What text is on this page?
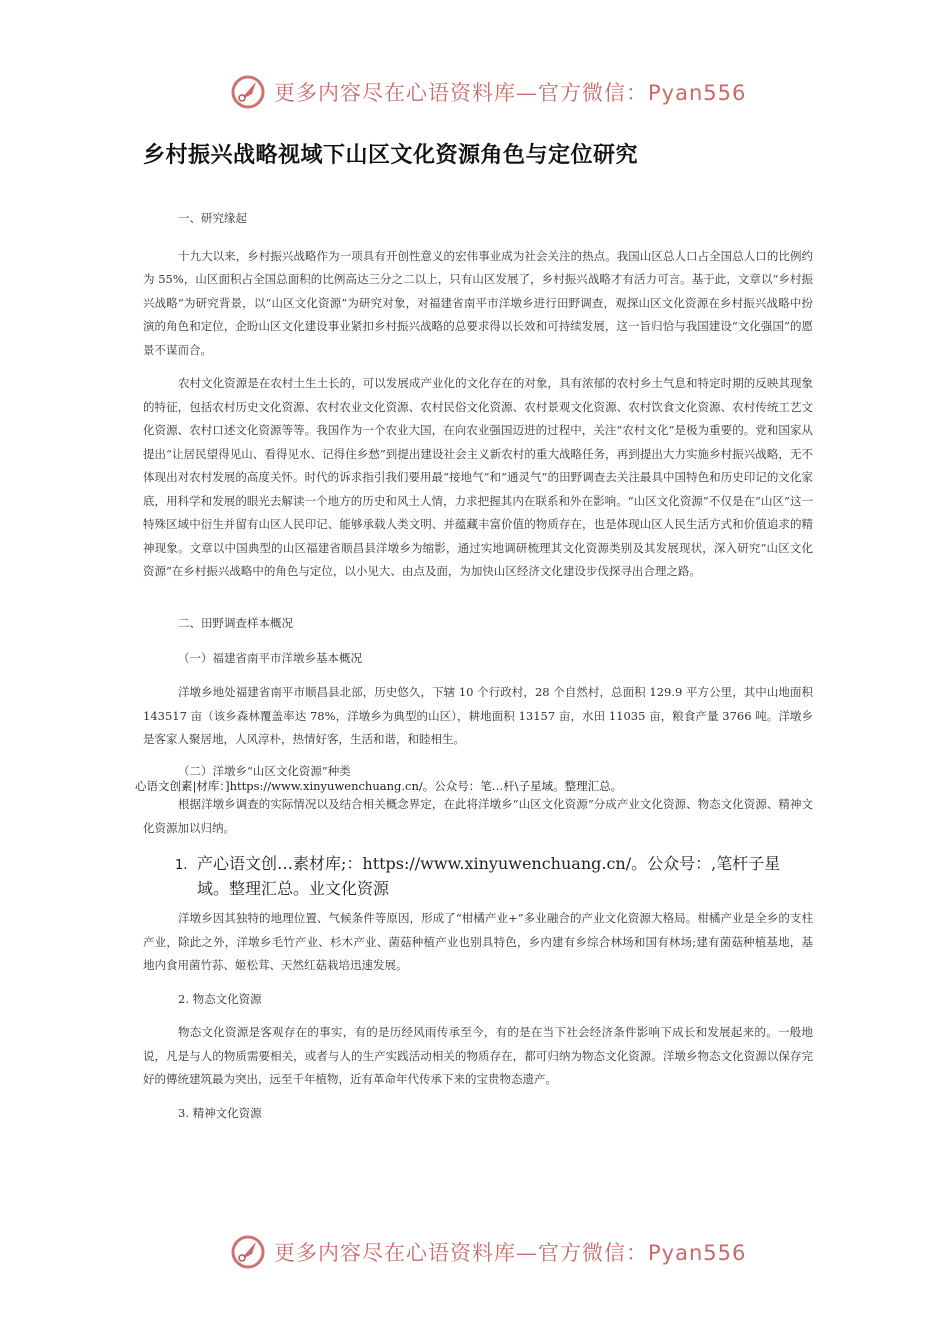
更多内容尽在心语资料库—官方微信：Pyan556
乡村振兴战略视域下山区文化资源角色与定位研究
一、研究缘起
十九大以来，乡村振兴战略作为一项具有开创性意义的宏伟事业成为社会关注的热点。我国山区总人口占全国总人口的比例约为 55%，山区面积占全国总面积的比例高达三分之二以上，只有山区发展了，乡村振兴战略才有活力可言。基于此，文章以“乡村振兴战略”为研究背景，以“山区文化资源”为研究对象，对福建省南平市洋墩乡进行田野调查，观探山区文化资源在乡村振兴战略中扮演的角色和定位，企盼山区文化建设事业紧扣乡村振兴战略的总要求得以长效和可持续发展，这一旨归恰与我国建设“文化强国”的愿景不谋而合。
农村文化资源是在农村土生土长的，可以发展成产业化的文化存在的对象，具有浓郁的农村乡土气息和特定时期的反映其现象的特征，包括农村历史文化资源、农村农业文化资源、农村民俗文化资源、农村景观文化资源、农村饮食文化资源、农村传统工艺文化资源、农村口述文化资源等等。我国作为一个农业大国，在向农业强国迈进的过程中，关注“农村文化”是极为重要的。党和国家从提出“让居民望得见山、看得见水、记得住乡愁”到提出建设社会主义新农村的重大战略任务，再到提出大力实施乡村振兴战略，无不体现出对农村发展的高度关怀。时代的诉求指引我们要用最“接地气”和“通灵气”的田野调查去关注最具中国特色和历史印记的文化家底，用科学和发展的眼光去解读一个地方的历史和风土人情，力求把握其内在联系和外在影响。“山区文化资源”不仅是在“山区”这一特殊区域中衍生并留有山区人民印记、能够承载人类文明、并蕴藏丰富价值的物质存在，也是体现山区人民生活方式和价值追求的精神现象。文章以中国典型的山区福建省顺昌县洋墩乡为缩影，通过实地调研梳理其文化资源类别及其发展现状，深入研究“山区文化资源”在乡村振兴战略中的角色与定位，以小见大、由点及面，为加快山区经济文化建设步伐探寻出合理之路。
二、田野调查样本概况
（一）福建省南平市洋墩乡基本概况
洋墩乡地处福建省南平市顺昌县北部，历史悠久，下辖 10 个行政村，28 个自然村，总面积 129.9 平方公里，其中山地面积 143517 亩（该乡森林覆盖率达 78%，洋墩乡为典型的山区），耕地面积 13157 亩，水田 11035 亩，粮食产量 3766 吨。洋墩乡是客家人聚居地，人风淳朴，热情好客，生活和谐，和睦相生。
（二）洋墩乡“山区文化资源”种类
心语文创素|材库：]https://www.xinyuwenchuang.cn/。公众号：笔…杆\子星域。整理汇总。
根据洋墩乡调查的实际情况以及结合相关概念界定，在此将洋墩乡“山区文化资源”分成产业文化资源、物态文化资源、精神文化资源加以归纳。
1. 产心语文创…素材库;：https://www.xinyuwenchuang.cn/。公众号：,笔杆子星
域。整理汇总。业文化资源
洋墩乡因其独特的地理位置、气候条件等原因，形成了“柑橘产业+”多业融合的产业文化资源大格局。柑橘产业是全乡的支柱产业，除此之外，洋墩乡毛竹产业、杉木产业、菌菇种植产业也别具特色，乡内建有乡综合林场和国有林场;建有菌菇种植基地，基地内食用菌竹荪、姬松茸、天然红菇栽培迅速发展。
2. 物态文化资源
物态文化资源是客观存在的事实，有的是历经风雨传承至今，有的是在当下社会经济条件影响下成长和发展起来的。一般地说，凡是与人的物质需要相关，或者与人的生产实践活动相关的物质存在，都可归纳为物态文化资源。洋墩乡物态文化资源以保存完好的傳统建筑最为突出，远至千年植物，近有革命年代传承下来的宝贵物态遗产。
3. 精神文化资源
更多内容尽在心语资料库—官方微信：Pyan556
